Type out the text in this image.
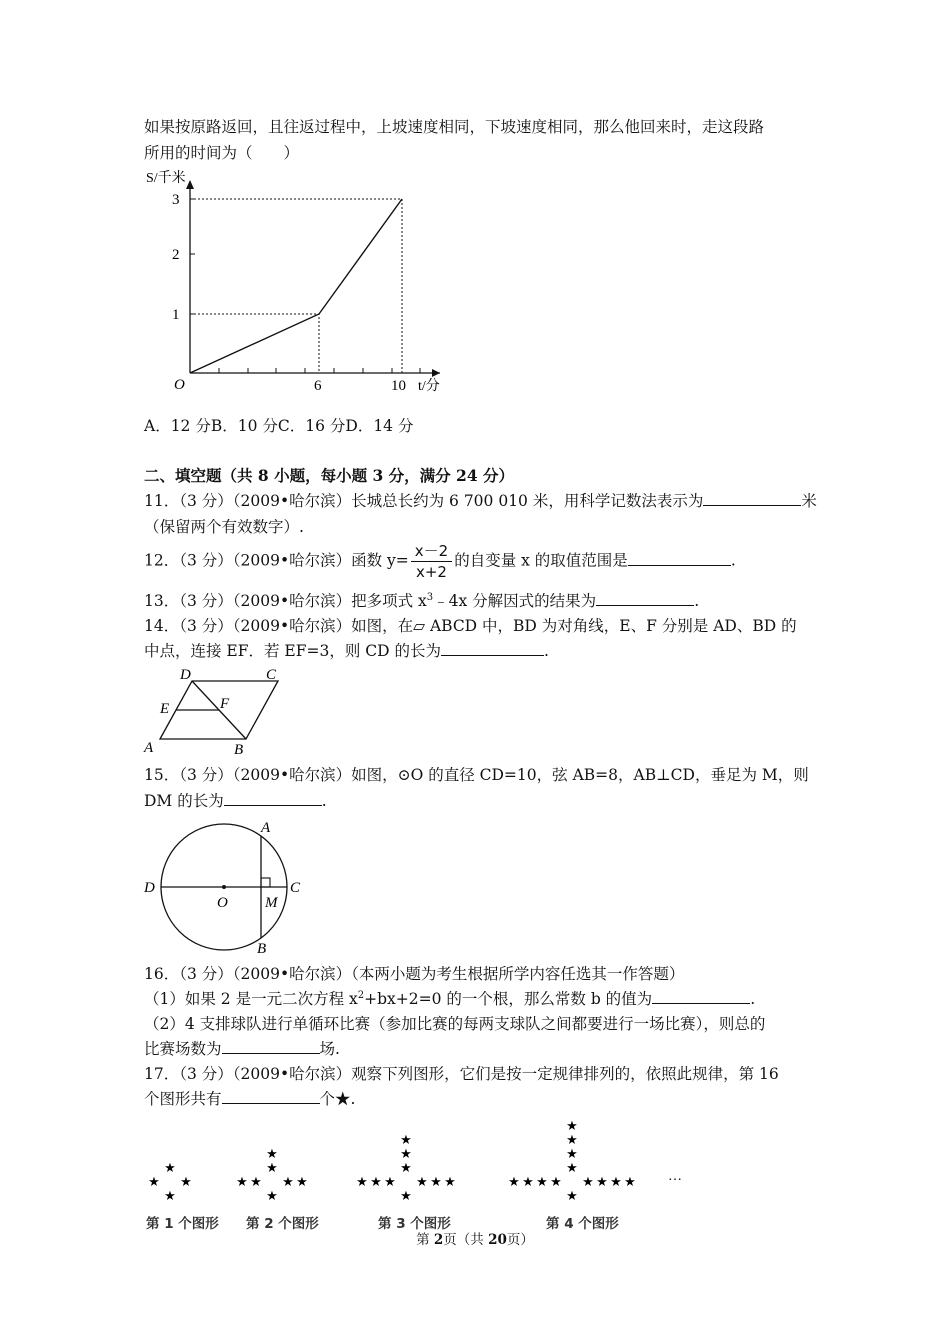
如果按原路返回，且往返过程中，上坡速度相同，下坡速度相同，那么他回来时，走这段路
所用的时间为（　　）
S/千米
1
2
3
O	6	10 t/分
A．12 分B．10 分C．16 分D．14 分
二、填空题（共 8 小题，每小题 3 分，满分 24 分）
11．（3 分）（2009•哈尔滨）长城总长约为 6 700 010 米，用科学记数法表示为	米
（保留两个有效数字）.
12．（3 分）（2009•哈尔滨）函数 $y= \frac{x-2}{x+2}$ 的自变量 x 的取值范围是	.
13．（3 分）（2009•哈尔滨）把多项式 $x^3﹣4x$ 分解因式的结果为	.
14．（3 分）（2009•哈尔滨）如图，在▱ ABCD 中，BD 为对角线，E、F 分别是 AD、BD 的
中点，连接 EF．若 EF=3，则 CD 的长为	.
D	C
E	F
A	B
15．（3 分）（2009•哈尔滨）如图，⊙O 的直径 CD=10，弦 AB=8，AB⊥CD，垂足为 M，则
DM 的长为	.
A
B
D	C
O M
16．（3 分）（2009•哈尔滨）（本两小题为考生根据所学内容任选其一作答题）
（1）如果 2 是一元二次方程 $x^2+bx+2=0$ 的一个根，那么常数 b 的值为	.
（2）4 支排球队进行单循环比赛（参加比赛的每两支球队之间都要进行一场比赛），则总的
比赛场数为	场.
17．（3 分）（2009•哈尔滨）观察下列图形，它们是按一定规律排列的，依照此规律，第 16
个图形共有	个★.
★ ★
★
★
★ ★
★
★	★
★
★
★ ★
★
★	★
★
★	★
★
★
★ ★
★
★	★
★
★	★
★
★	★
★
★
…
第 1 个图形 第 2 个图形	第 3 个图形	第 4 个图形
第 2页（共 20页）
